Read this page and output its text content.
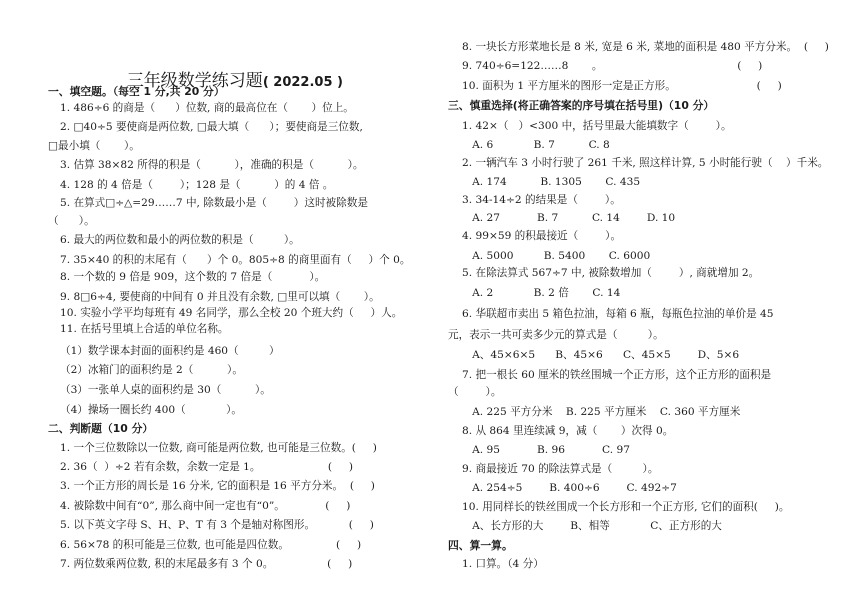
三年级数学练习题( 2022.05 )

一、填空题。（每空 1 分,共 20 分）
1. 486÷6 的商是（      ）位数, 商的最高位在（       ）位上。
2. □40÷5 要使商是两位数, □最大填（      ）；要使商是三位数,
□最小填（       ）。
3. 估算 38×82 所得的积是（          ），准确的积是（          ）。
4. 128 的 4 倍是（        ）；128 是（          ）的 4 倍 。
5. 在算式□÷△=29……7 中, 除数最小是（        ）这时被除数是
（      ）。
6. 最大的两位数和最小的两位数的积是（         ）。
7. 35×40 的积的末尾有（      ）个 0。805÷8 的商里面有（     ）个 0。
8. 一个数的 9 倍是 909，这个数的 7 倍是（           ）。
9. 8□6÷4, 要使商的中间有 0 并且没有余数, □里可以填（       ）。
10. 实验小学平均每班有 49 名同学，那么全校 20 个班大约（     ）人。
11. 在括号里填上合适的单位名称。
（1）数学课本封面的面积约是 460（         ）
（2）冰箱门的面积约是 2（          ）。
（3）一张单人桌的面积约是 30（          ）。
（4）操场一圈长约 400（            ）。
二、判断题（10 分）
1. 一个三位数除以一位数, 商可能是两位数, 也可能是三位数。(     )
2. 36（  ）÷2 若有余数，余数一定是 1。                    (     )
3. 一个正方形的周长是 16 分米, 它的面积是 16 平方分米。  (     )
4. 被除数中间有“0”, 那么商中间一定也有“0”。            (     )
5. 以下英文字母 S、H、P、T 有 3 个是轴对称图形。          (     )
6. 56×78 的积可能是三位数, 也可能是四位数。              (     )
7. 两位数乘两位数, 积的末尾最多有 3 个 0。                (     )
8. 一块长方形菜地长是 8 米, 宽是 6 米, 菜地的面积是 480 平方分米。  (     )
9. 740÷6=122……8       。                                        (     )
10. 面积为 1 平方厘米的图形一定是正方形。                        (     )
三、慎重选择(将正确答案的序号填在括号里)（10 分）
1. 42×（   ）<300 中，括号里最大能填数字（        ）。
A. 6            B. 7          C. 8
2. 一辆汽车 3 小时行驶了 261 千米, 照这样计算, 5 小时能行驶（    ）千米。
A. 174          B. 1305       C. 435
3. 34-14÷2 的结果是（        ）。
A. 27           B. 7          C. 14        D. 10
4. 99×59 的积最接近（        ）。
A. 5000         B. 5400       C. 6000
5. 在除法算式 567÷7 中, 被除数增加（        ）, 商就增加 2。
A. 2            B. 2 倍       C. 14
6. 华联超市卖出 5 箱色拉油，每箱 6 瓶，每瓶色拉油的单价是 45
元，表示一共可卖多少元的算式是（         ）。
A、45×6×5      B、45×6      C、45×5        D、5×6
7. 把一根长 60 厘米的铁丝围城一个正方形，这个正方形的面积是
（        ）。
A. 225 平方分米    B. 225 平方厘米    C. 360 平方厘米
8. 从 864 里连续减 9，减（       ）次得 0。
A. 95           B. 96           C. 97
9. 商最接近 70 的除法算式是（         ）。
A. 254÷5        B. 400÷6        C. 492÷7
10. 用同样长的铁丝围成一个长方形和一个正方形, 它们的面积(     )。
A、长方形的大        B、相等            C、正方形的大
四、算一算。
1. 口算。（4 分）
